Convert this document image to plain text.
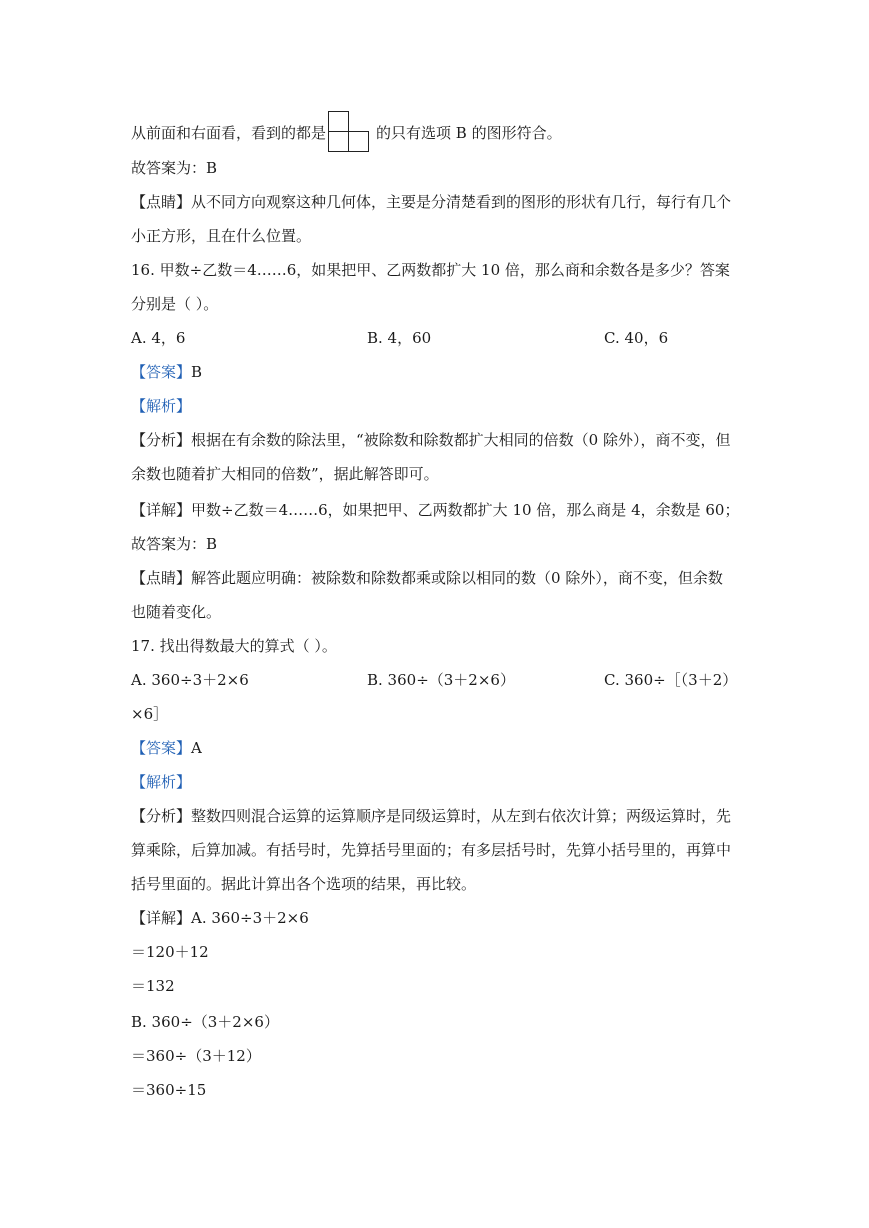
从前面和右面看，看到的都是	的只有选项 B 的图形符合。
故答案为：B
【点睛】从不同方向观察这种几何体，主要是分清楚看到的图形的形状有几行，每行有几个
小正方形，且在什么位置。
16. 甲数÷乙数＝4……6，如果把甲、乙两数都扩大 10 倍，那么商和余数各是多少？答案
分别是（ ）。
A. 4，6	B. 4，60	C. 40，6
【答案】B
【解析】
【分析】根据在有余数的除法里，“被除数和除数都扩大相同的倍数（0 除外），商不变，但
余数也随着扩大相同的倍数”，据此解答即可。
【详解】甲数÷乙数＝4……6，如果把甲、乙两数都扩大 10 倍，那么商是 4，余数是 60；
故答案为：B
【点睛】解答此题应明确：被除数和除数都乘或除以相同的数（0 除外），商不变，但余数
也随着变化。
17. 找出得数最大的算式（ ）。
A. 360÷3＋2×6	B. 360÷（3＋2×6）	C. 360÷［（3＋2）
×6］
【答案】A
【解析】
【分析】整数四则混合运算的运算顺序是同级运算时，从左到右依次计算；两级运算时，先
算乘除，后算加减。有括号时，先算括号里面的；有多层括号时，先算小括号里的，再算中
括号里面的。据此计算出各个选项的结果，再比较。
【详解】A. 360÷3＋2×6
＝120＋12
＝132
B. 360÷（3＋2×6）
＝360÷（3＋12）
＝360÷15
